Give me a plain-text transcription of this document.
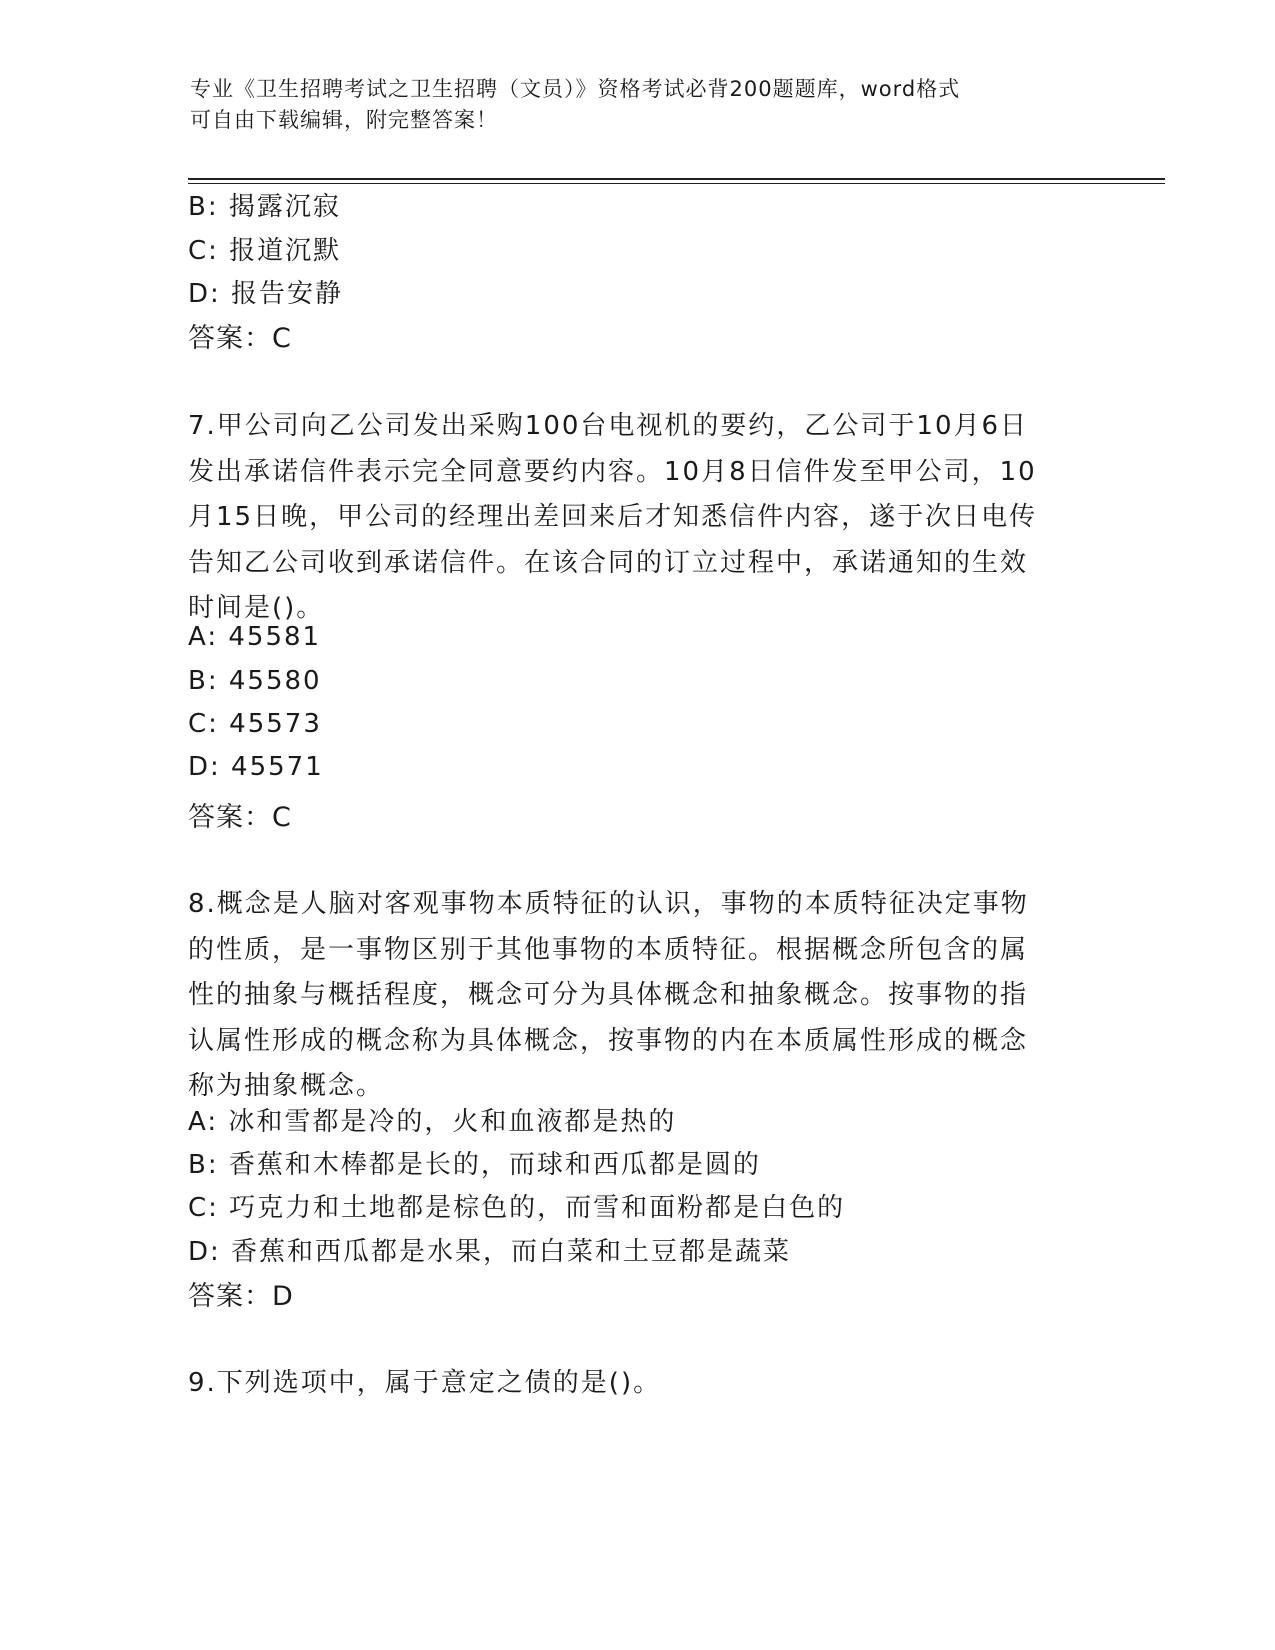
专业《卫生招聘考试之卫生招聘（文员）》资格考试必背200题题库，word格式
可自由下载编辑，附完整答案！
B: 揭露沉寂
C: 报道沉默
D: 报告安静
答案：C
7.甲公司向乙公司发出采购100台电视机的要约，乙公司于10月6日
发出承诺信件表示完全同意要约内容。10月8日信件发至甲公司，10
月15日晚，甲公司的经理出差回来后才知悉信件内容，遂于次日电传
告知乙公司收到承诺信件。在该合同的订立过程中，承诺通知的生效
时间是()。
A: 45581
B: 45580
C: 45573
D: 45571
答案：C
8.概念是人脑对客观事物本质特征的认识，事物的本质特征决定事物
的性质，是一事物区别于其他事物的本质特征。根据概念所包含的属
性的抽象与概括程度，概念可分为具体概念和抽象概念。按事物的指
认属性形成的概念称为具体概念，按事物的内在本质属性形成的概念
称为抽象概念。
A: 冰和雪都是冷的，火和血液都是热的
B: 香蕉和木棒都是长的，而球和西瓜都是圆的
C: 巧克力和土地都是棕色的，而雪和面粉都是白色的
D: 香蕉和西瓜都是水果，而白菜和土豆都是蔬菜
答案：D
9.下列选项中，属于意定之债的是()。
